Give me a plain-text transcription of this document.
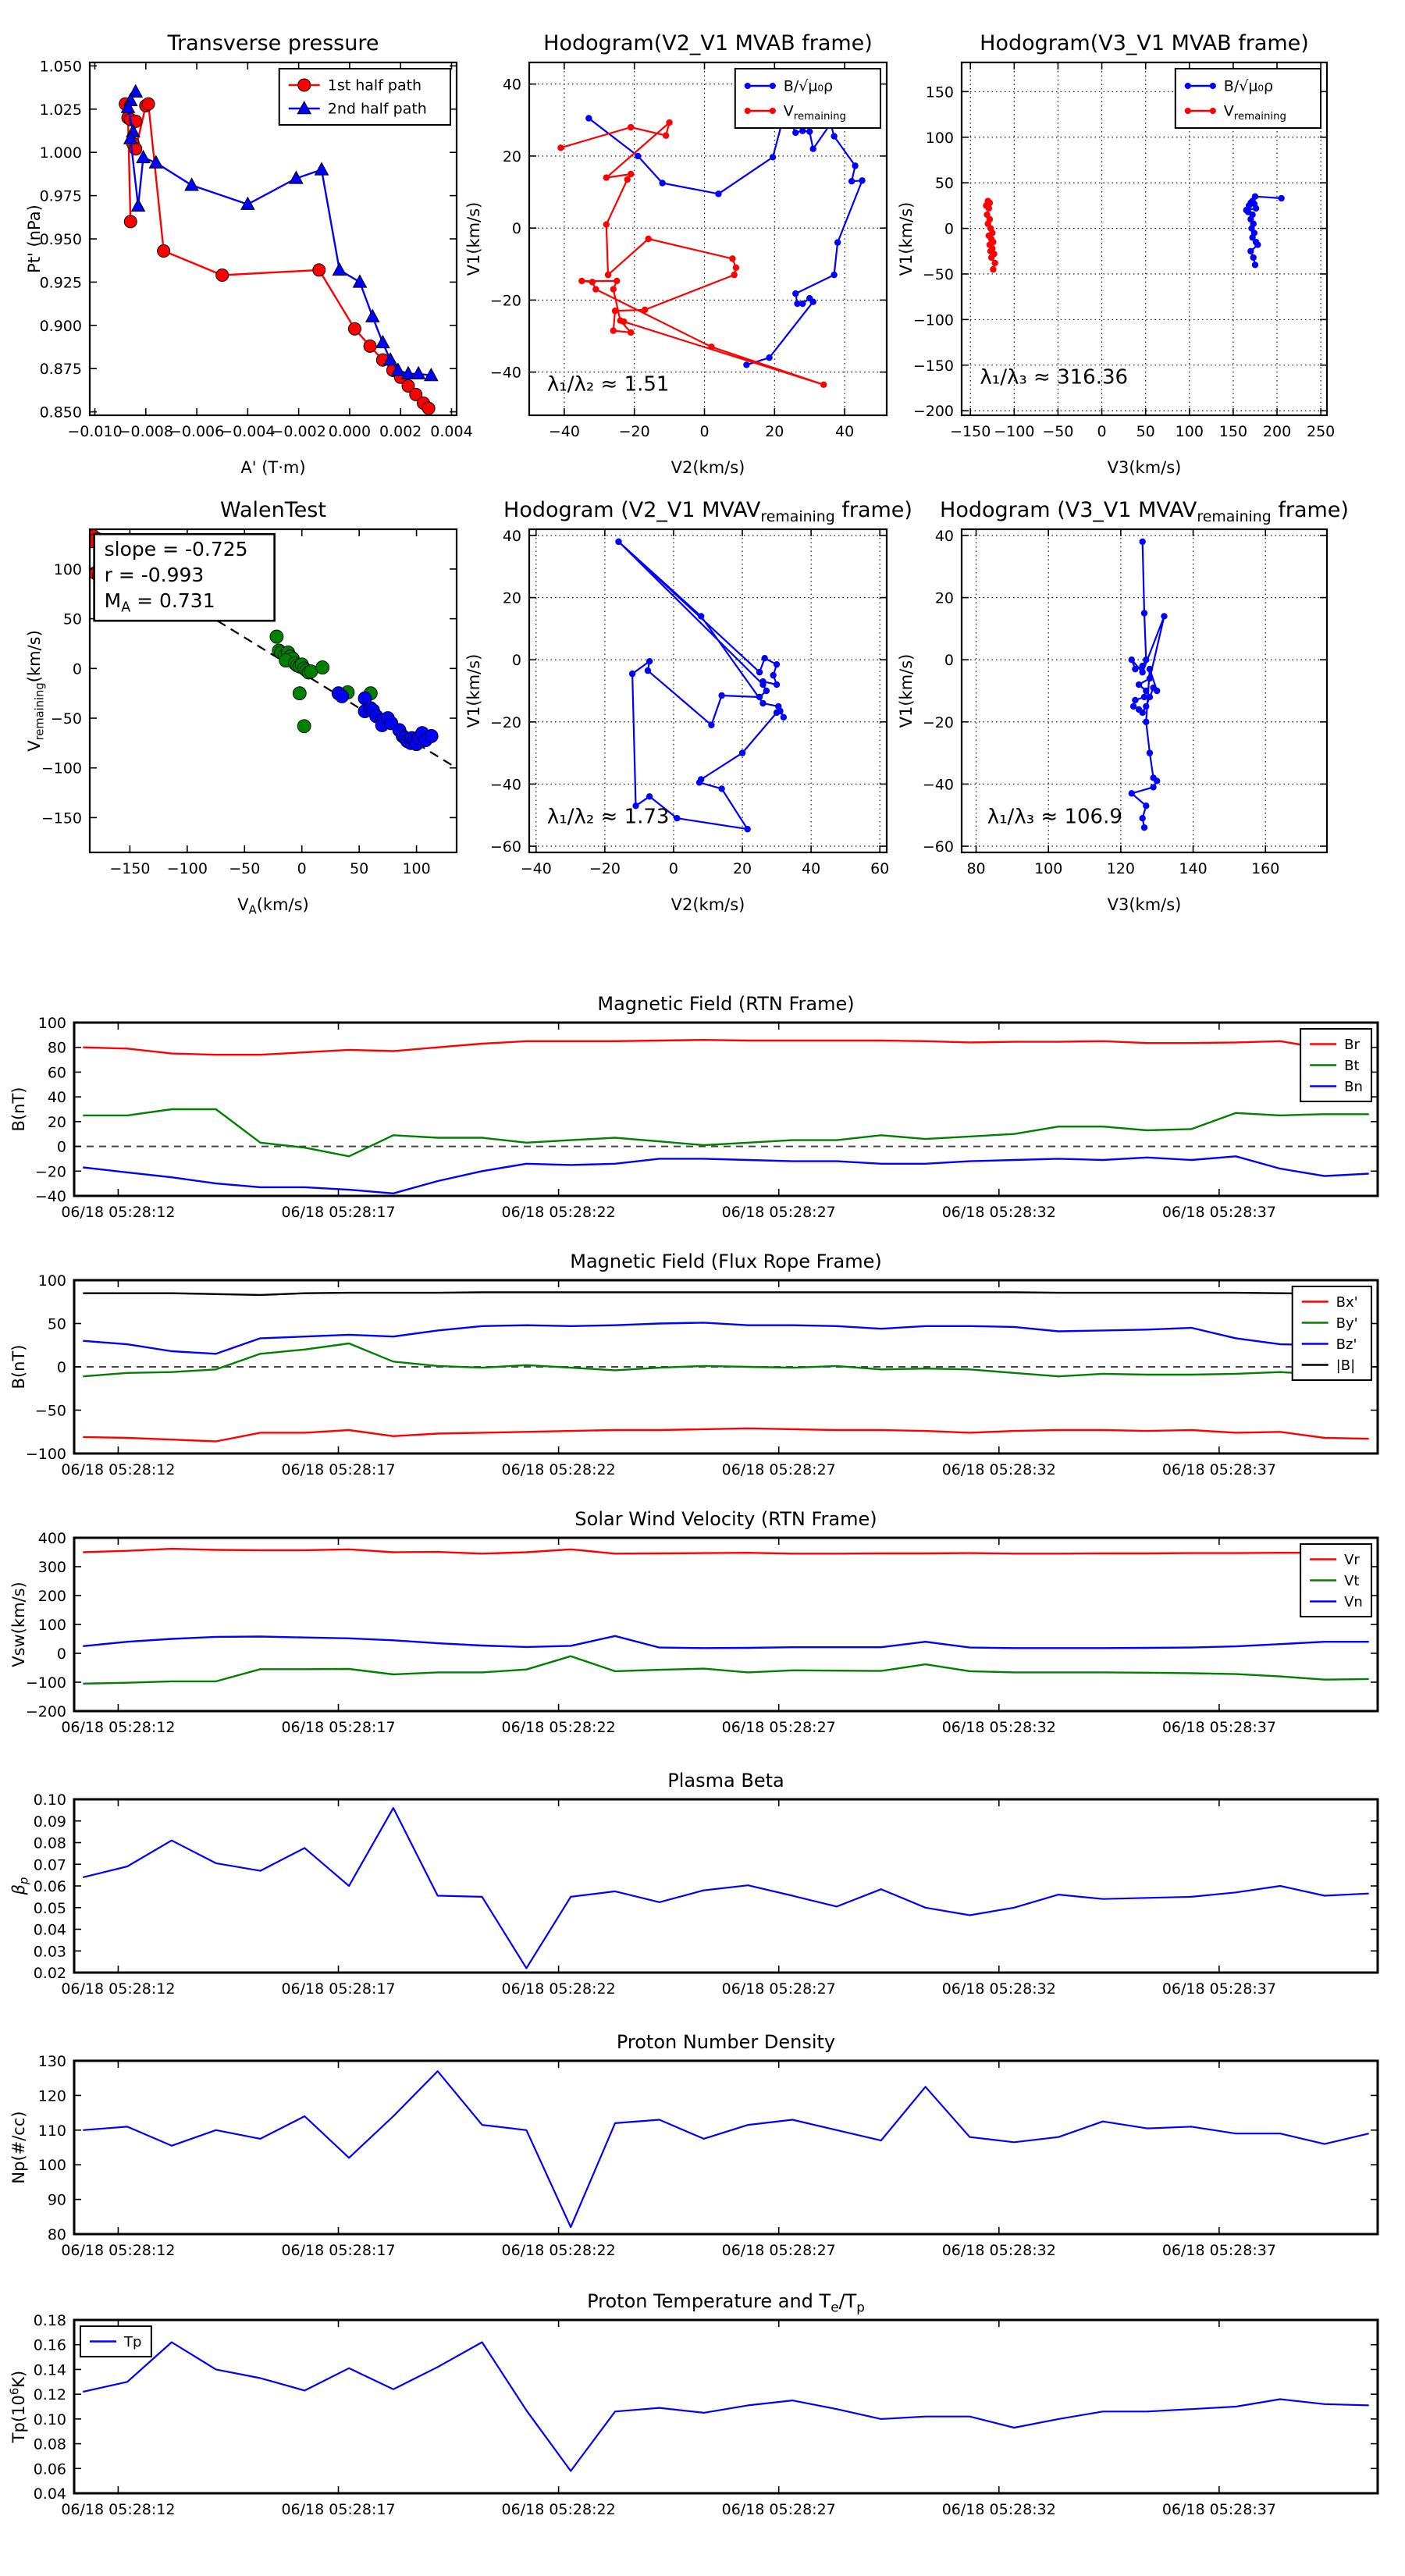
−0.010
−0.008
−0.006
−0.004
−0.002 0.000 0.002 0.004
0.850
0.875
0.900
0.925
0.950
0.975
1.000
1.025
1.050
Transverse pressure
A' (T·m)
Pt' (nPa)
1st half path
2nd half path
−40	−20	0	20	40
−40
−20
0
20
40
Hodogram(V2_V1 MVAB frame)
V2(km/s)
V1(km/s)
B/√μ₀ρ
$V_{remaining}$
λ₁/λ₂ ≈ 1.51
−150 −100 −50 0 50 100 150 200 250
−200
−150
−100
−50
0
50
100
150
Hodogram(V3_V1 MVAB frame)
V3(km/s)
V1(km/s)
B/√μ₀ρ
$V_{remaining}$
λ₁/λ₃ ≈ 316.36
−150 −100 −50 0	50 100
−150
−100
−50
0
50
100
WalenTest
$V_A(km/s)$
$V_{remaining}(km/s)$
slope = -0.725
r = -0.993
$M_A = 0.731$
−40	−20	0	20	40	60
−60
−40
−20
0
20
40
Hodogram (V2_V1 $MVAV_{remaining}$ frame)
V2(km/s)
V1(km/s)
λ₁/λ₂ ≈ 1.73
80	100	120	140	160
−60
−40
−20
0
20
40
Hodogram (V3_V1 $MVAV_{remaining}$ frame)
V3(km/s)
V1(km/s)
λ₁/λ₃ ≈ 106.9
06/18 05:28:12	06/18 05:28:17	06/18 05:28:22	06/18 05:28:27	06/18 05:28:32	06/18 05:28:37
−40
−20
0
20
40
60
80
100
Magnetic Field (RTN Frame)
B(nT)
Br
Bt
Bn
06/18 05:28:12	06/18 05:28:17	06/18 05:28:22	06/18 05:28:27	06/18 05:28:32	06/18 05:28:37
−100
−50
0
50
100
Magnetic Field (Flux Rope Frame)
B(nT)
Bx'
By'
Bz'
|B|
06/18 05:28:12	06/18 05:28:17	06/18 05:28:22	06/18 05:28:27	06/18 05:28:32	06/18 05:28:37
−200
−100
0
100
200
300
400
Solar Wind Velocity (RTN Frame)
Vsw(km/s)
Vr
Vt
Vn
06/18 05:28:12	06/18 05:28:17	06/18 05:28:22	06/18 05:28:27	06/18 05:28:32	06/18 05:28:37
0.02
0.03
0.04
0.05
0.06
0.07
0.08
0.09
0.10
Plasma Beta
$\beta_p$
06/18 05:28:12	06/18 05:28:17	06/18 05:28:22	06/18 05:28:27	06/18 05:28:32	06/18 05:28:37
80
90
100
110
120
130
Proton Number Density
Np(#/cc)
06/18 05:28:12	06/18 05:28:17	06/18 05:28:22	06/18 05:28:27	06/18 05:28:32	06/18 05:28:37
0.04
0.06
0.08
0.10
0.12
0.14
0.16
0.18
Proton Temperature and $T_e/T_p$
$Tp(10^6K)$
Tp
